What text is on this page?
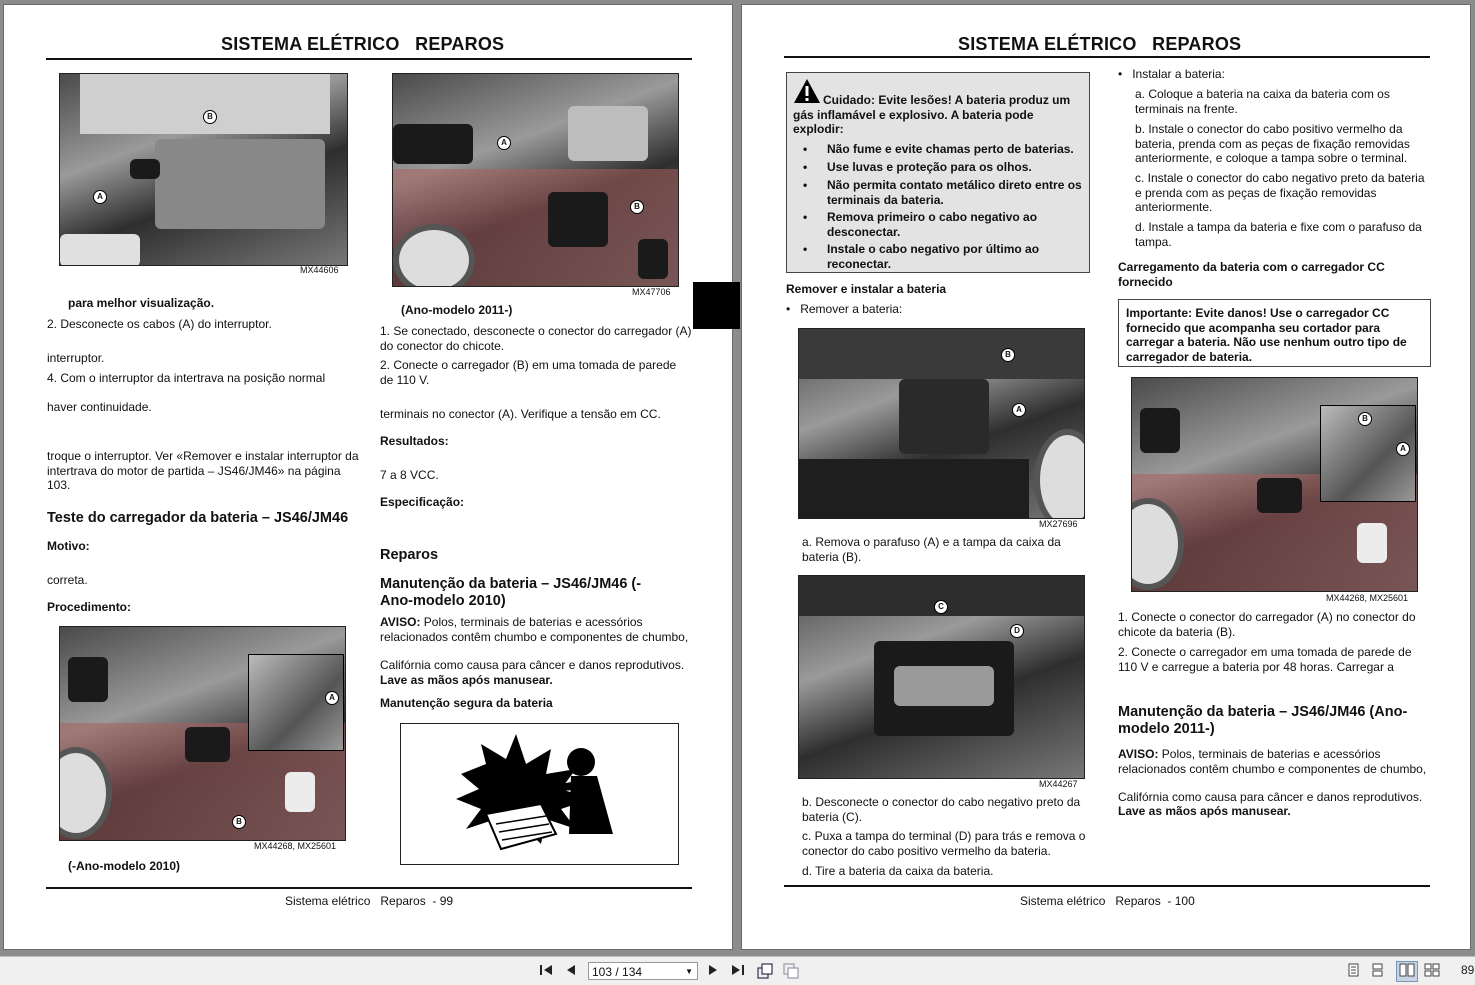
SISTEMA ELÉTRICO   REPAROS
B
A
MX44606
para melhor visualização.
2. Desconecte os cabos (A) do interruptor.
interruptor.
4. Com o interruptor da intertrava na posição normal
haver continuidade.
troque o interruptor. Ver «Remover e instalar interruptor da intertrava do motor de partida – JS46/JM46» na página 103.
Teste do carregador da bateria – JS46/JM46
Motivo:
correta.
Procedimento:
A
B
MX44268, MX25601
(-Ano-modelo 2010)
A
B
MX47706
(Ano-modelo 2011-)
1. Se conectado, desconecte o conector do carregador (A) do conector do chicote.
2. Conecte o carregador (B) em uma tomada de parede de 110 V.
terminais no conector (A). Verifique a tensão em CC.
Resultados:
7 a 8 VCC.
Especificação:
Reparos
Manutenção da bateria – JS46/JM46 (-Ano-modelo 2010)
AVISO: Polos, terminais de baterias e acessórios relacionados contêm chumbo e componentes de chumbo,
Califórnia como causa para câncer e danos reprodutivos.
Lave as mãos após manusear.
Manutenção segura da bateria
Sistema elétrico   Reparos  - 99
SISTEMA ELÉTRICO   REPAROS
Cuidado: Evite lesões! A bateria produz um gás inflamável e explosivo. A bateria pode explodir:
• Não fume e evite chamas perto de baterias.
• Use luvas e proteção para os olhos.
• Não permita contato metálico direto entre os terminais da bateria.
• Remova primeiro o cabo negativo ao desconectar.
• Instale o cabo negativo por último ao reconectar.
Remover e instalar a bateria
• Remover a bateria:
B
A
MX27696
a. Remova o parafuso (A) e a tampa da caixa da bateria (B).
C
D
MX44267
b. Desconecte o conector do cabo negativo preto da bateria (C).
c. Puxa a tampa do terminal (D) para trás e remova o conector do cabo positivo vermelho da bateria.
d. Tire a bateria da caixa da bateria.
• Instalar a bateria:
a. Coloque a bateria na caixa da bateria com os terminais na frente.
b. Instale o conector do cabo positivo vermelho da bateria, prenda com as peças de fixação removidas anteriormente, e coloque a tampa sobre o terminal.
c. Instale o conector do cabo negativo preto da bateria e prenda com as peças de fixação removidas anteriormente.
d. Instale a tampa da bateria e fixe com o parafuso da tampa.
Carregamento da bateria com o carregador CC fornecido
Importante: Evite danos! Use o carregador CC fornecido que acompanha seu cortador para carregar a bateria. Não use nenhum outro tipo de carregador de bateria.
B
A
MX44268, MX25601
1. Conecte o conector do carregador (A) no conector do chicote da bateria (B).
2. Conecte o carregador em uma tomada de parede de 110 V e carregue a bateria por 48 horas. Carregar a
Manutenção da bateria – JS46/JM46 (Ano-modelo 2011-)
AVISO: Polos, terminais de baterias e acessórios relacionados contêm chumbo e componentes de chumbo,
Califórnia como causa para câncer e danos reprodutivos.
Lave as mãos após manusear.
Sistema elétrico   Reparos  - 100
103 / 134	▼	89
